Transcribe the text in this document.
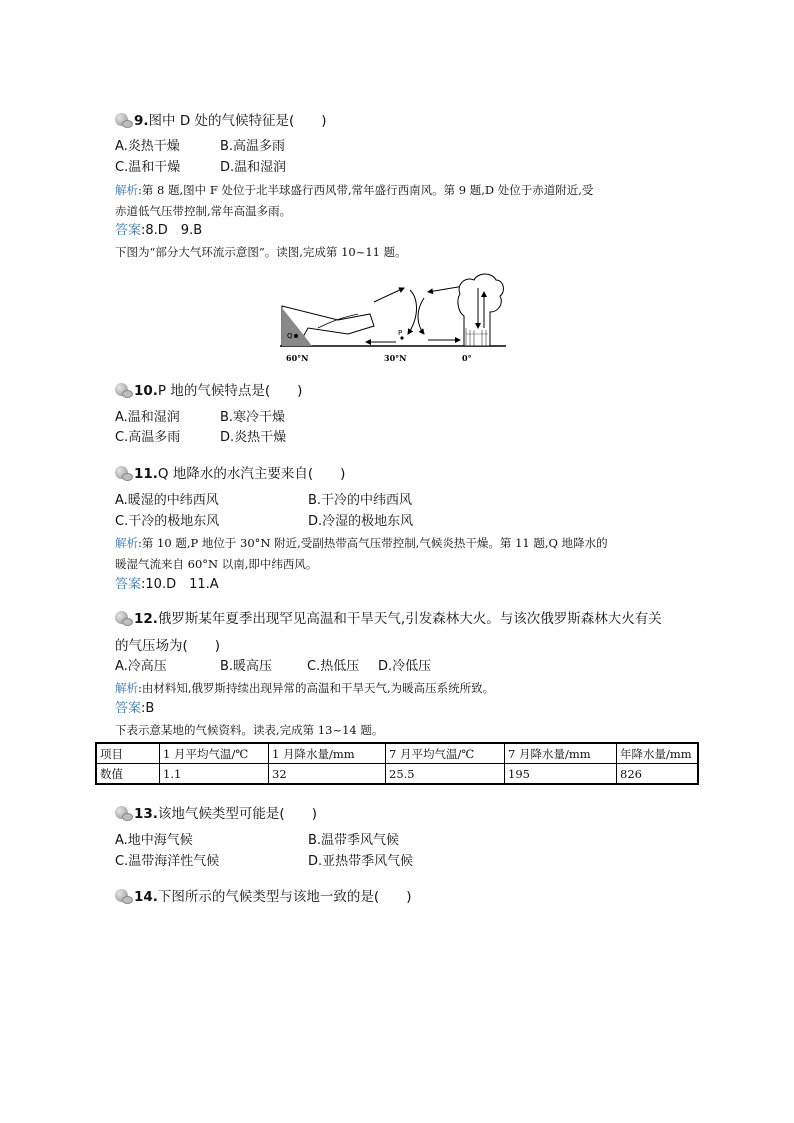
9.图中 D 处的气候特征是(　　)
A.炎热干燥	B.高温多雨
C.温和干燥	D.温和湿润
解析:第 8 题,图中 F 处位于北半球盛行西风带,常年盛行西南风。第 9 题,D 处位于赤道附近,受
赤道低气压带控制,常年高温多雨。
答案:8.D　9.B
下图为“部分大气环流示意图”。读图,完成第 10~11 题。
Q	P
60°N	30°N	0°
10.P 地的气候特点是(　　)
A.温和湿润	B.寒冷干燥
C.高温多雨	D.炎热干燥
11.Q 地降水的水汽主要来自(　　)
A.暖湿的中纬西风	B.干冷的中纬西风
C.干冷的极地东风	D.冷湿的极地东风
解析:第 10 题,P 地位于 30°N 附近,受副热带高气压带控制,气候炎热干燥。第 11 题,Q 地降水的
暖湿气流来自 60°N 以南,即中纬西风。
答案:10.D　11.A
12.俄罗斯某年夏季出现罕见高温和干旱天气,引发森林大火。与该次俄罗斯森林大火有关
的气压场为(　　)
A.冷高压	B.暖高压	C.热低压 D.冷低压
解析:由材料知,俄罗斯持续出现异常的高温和干旱天气,为暖高压系统所致。
答案:B
下表示意某地的气候资料。读表,完成第 13~14 题。
项目	1 月平均气温/℃	1 月降水量/mm	7 月平均气温/℃	7 月降水量/mm	年降水量/mm
数值	1.1	32	25.5	195	826
13.该地气候类型可能是(　　)
A.地中海气候	B.温带季风气候
C.温带海洋性气候	D.亚热带季风气候
14.下图所示的气候类型与该地一致的是(　　)
